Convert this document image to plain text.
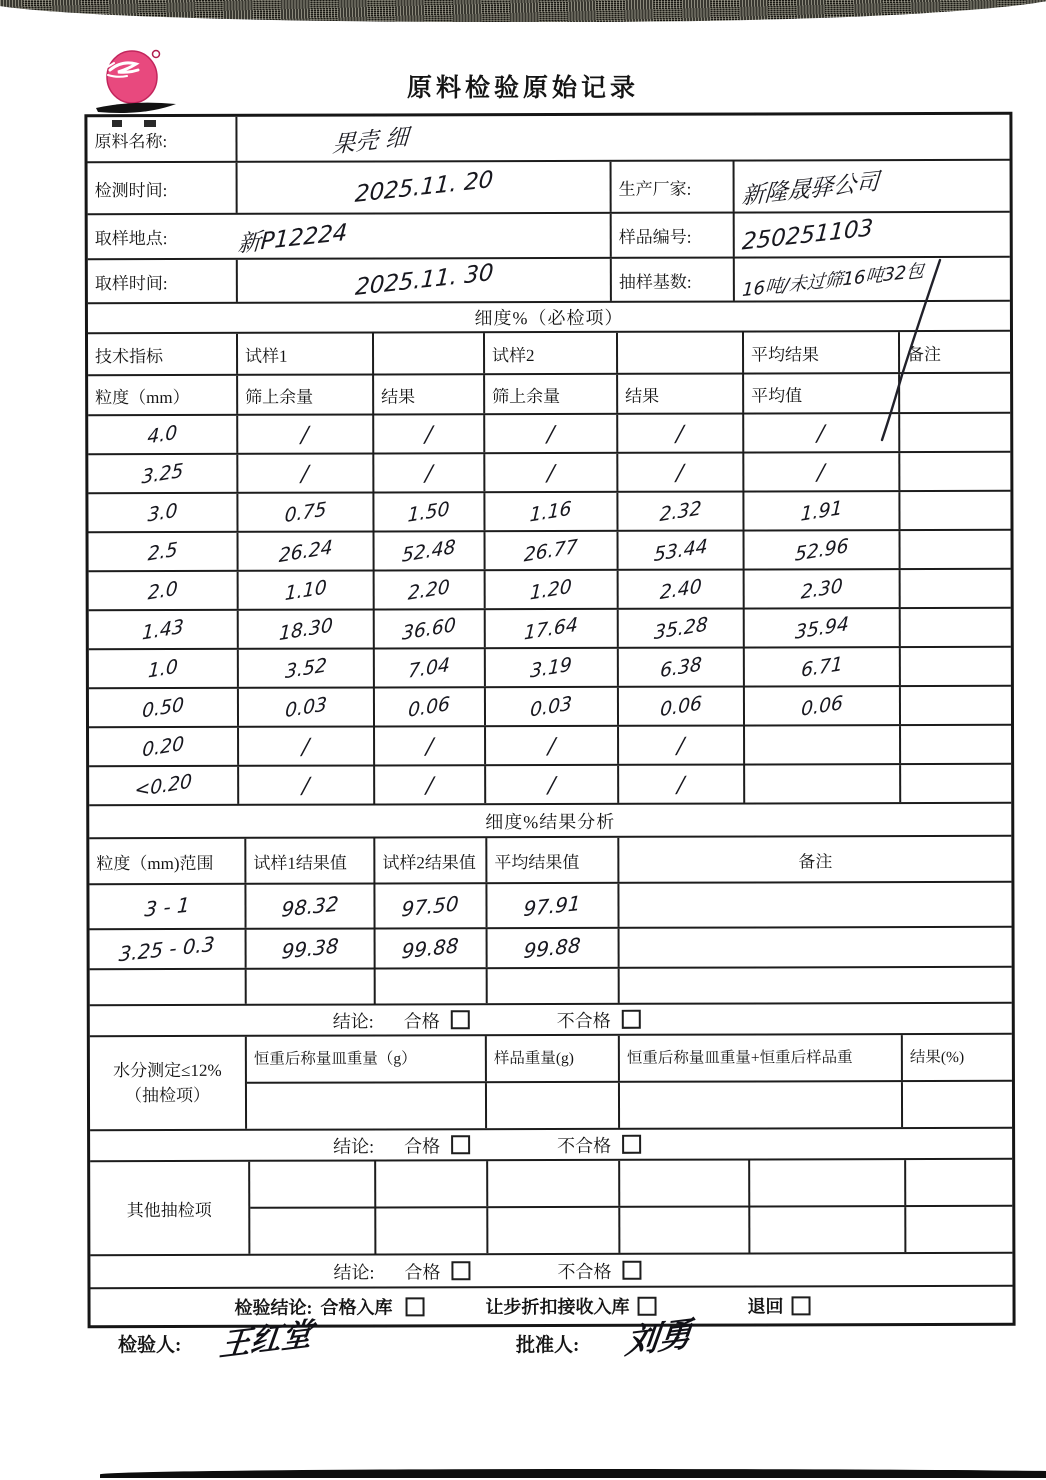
原料检验原始记录
原料名称:	果壳 细
检测时间:	2025.11. 20	生产厂家:	新隆晟驿公司
取样地点:	新P12224	样品编号:	250251103
取样时间:	2025.11. 30	抽样基数:	16吨/未过筛16吨32包
细度%（必检项）
技术指标	试样1	试样2	平均结果	备注
粒度（mm）	筛上余量	结果	筛上余量	结果	平均值
4.0	/	/	/	/	/
3.25	/	/	/	/	/
3.0	0.75	1.50	1.16	2.32	1.91
2.5	26.24	52.48	26.77	53.44	52.96
2.0	1.10	2.20	1.20	2.40	2.30
1.43	18.30	36.60	17.64	35.28	35.94
1.0	3.52	7.04	3.19	6.38	6.71
0.50	0.03	0.06	0.03	0.06	0.06
0.20	/	/	/	/
<0.20	/	/	/	/
细度%结果分析
粒度（mm)范围	试样1结果值	试样2结果值	平均结果值	备注
3 - 1	98.32	97.50	97.91
3.25 - 0.3	99.38	99.88	99.88
结论: 合格	不合格
水分测定≤12%
（抽检项）
恒重后称量皿重量（g）	样品重量(g)	恒重后称量皿重量+恒重后样品重	结果(%)
结论: 合格	不合格
其他抽检项
结论: 合格	不合格
检验结论: 合格入库	让步折扣接收入库	退回
检验人: 王红堂	批准人: 刘勇
